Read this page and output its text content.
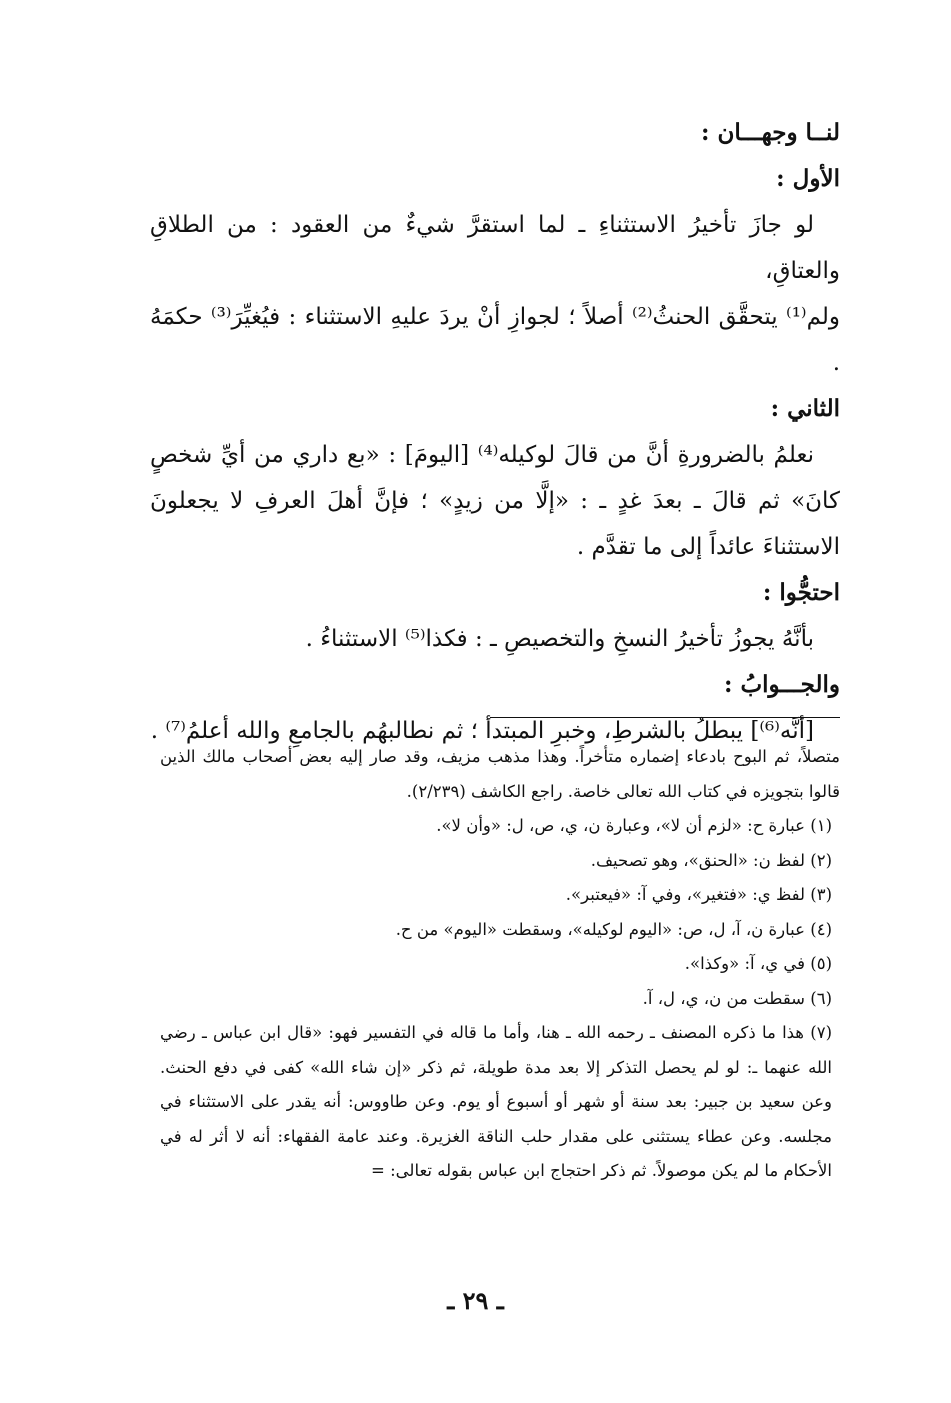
لنــا وجهـــان :

الأول :

لو جازَ تأخيرُ الاستثناءِ ـ لما استقرَّ شيءٌ من العقود : من الطلاقِ والعتاقِ،

ولم⁽¹⁾ يتحقَّق الحنثُ⁽²⁾ أصلاً ؛ لجوازِ أنْ يردَ عليهِ الاستثناء : فيُغيِّرَ⁽³⁾ حكمَهُ .

الثاني :

نعلمُ بالضرورةِ أنَّ من قالَ لوكيله⁽⁴⁾ [اليومَ] : «بع داري من أيِّ شخصٍ كانَ» ثم قالَ ـ بعدَ غدٍ ـ : «إلَّا من زيدٍ» ؛ فإنَّ أهلَ العرفِ لا يجعلونَ الاستثناءَ عائداً إلى ما تقدَّم .

احتجُّوا :

بأنَّهُ يجوزُ تأخيرُ النسخِ والتخصيصِ ـ : فكذا⁽⁵⁾ الاستثناءُ .

والجـــوابُ :

[أنَّه⁽⁶⁾] يبطلُ بالشرطِ، وخبرِ المبتدأ ؛ ثم نطالبهُم بالجامعِ والله أعلمُ⁽⁷⁾ .

متصلاً، ثم البوح بادعاء إضماره متأخراً. وهذا مذهب مزيف، وقد صار إليه بعض أصحاب مالك الذين قالوا بتجويزه في كتاب الله تعالى خاصة. راجع الكاشف (٢/٢٣٩).

(١) عبارة ح: «لزم أن لا»، وعبارة ن، ي، ص، ل: «وأن لا».

(٢) لفظ ن: «الحنق»، وهو تصحيف.

(٣) لفظ ي: «فتغير»، وفي آ: «فيعتبر».

(٤) عبارة ن، آ، ل، ص: «اليوم لوكيله»، وسقطت «اليوم» من ح.

(٥) في ي، آ: «وكذا».

(٦) سقطت من ن، ي، ل، آ.

(٧) هذا ما ذكره المصنف ـ رحمه الله ـ هنا، وأما ما قاله في التفسير فهو: «قال ابن عباس ـ رضي الله عنهما ـ: لو لم يحصل التذكر إلا بعد مدة طويلة، ثم ذكر «إن شاء الله» كفى في دفع الحنث. وعن سعيد بن جبير: بعد سنة أو شهر أو أسبوع أو يوم. وعن طاووس: أنه يقدر على الاستثناء في مجلسه. وعن عطاء يستثنى على مقدار حلب الناقة الغزيرة. وعند عامة الفقهاء: أنه لا أثر له في الأحكام ما لم يكن موصولاً. ثم ذكر احتجاج ابن عباس بقوله تعالى: =

ـ ٢٩ ـ
